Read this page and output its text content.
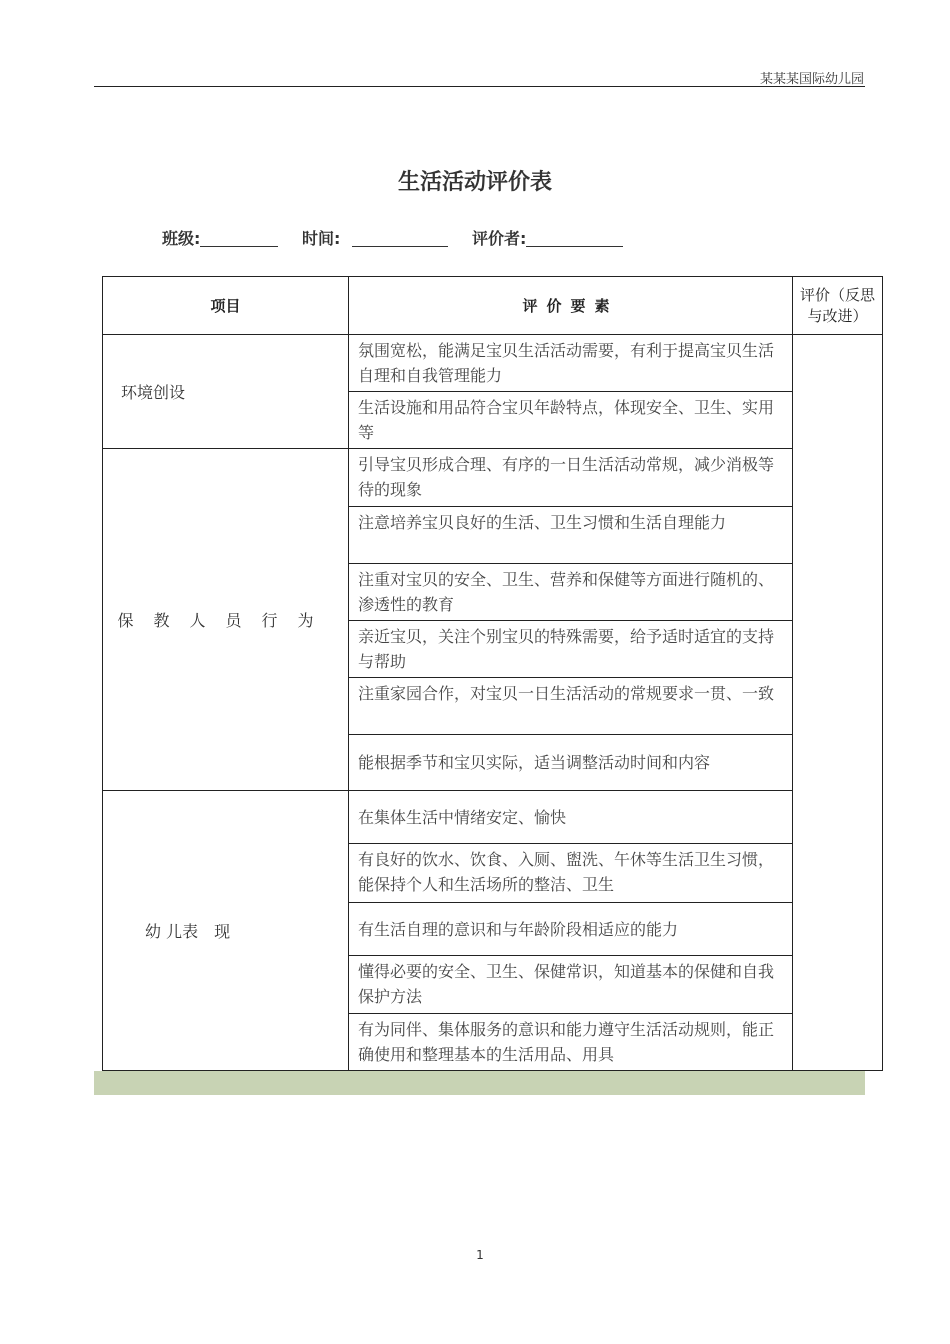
某某某国际幼儿园
生活活动评价表
班级:	时间:	评价者:
项目	评价要素	评价（反思与改进）
环境创设	氛围宽松，能满足宝贝生活活动需要，有利于提高宝贝生活自理和自我管理能力	
	生活设施和用品符合宝贝年龄特点，体现安全、卫生、实用等	
保教人员行为	引导宝贝形成合理、有序的一日生活活动常规，减少消极等待的现象	
	注意培养宝贝良好的生活、卫生习惯和生活自理能力	
	注重对宝贝的安全、卫生、营养和保健等方面进行随机的、渗透性的教育	
	亲近宝贝，关注个别宝贝的特殊需要，给予适时适宜的支持与帮助	
	注重家园合作，对宝贝一日生活活动的常规要求一贯、一致	
	能根据季节和宝贝实际，适当调整活动时间和内容	
幼 儿表　现	在集体生活中情绪安定、愉快	
	有良好的饮水、饮食、入厕、盥洗、午休等生活卫生习惯，能保持个人和生活场所的整洁、卫生	
	有生活自理的意识和与年龄阶段相适应的能力	
	懂得必要的安全、卫生、保健常识，知道基本的保健和自我保护方法	
	有为同伴、集体服务的意识和能力遵守生活活动规则，能正确使用和整理基本的生活用品、用具	
1
